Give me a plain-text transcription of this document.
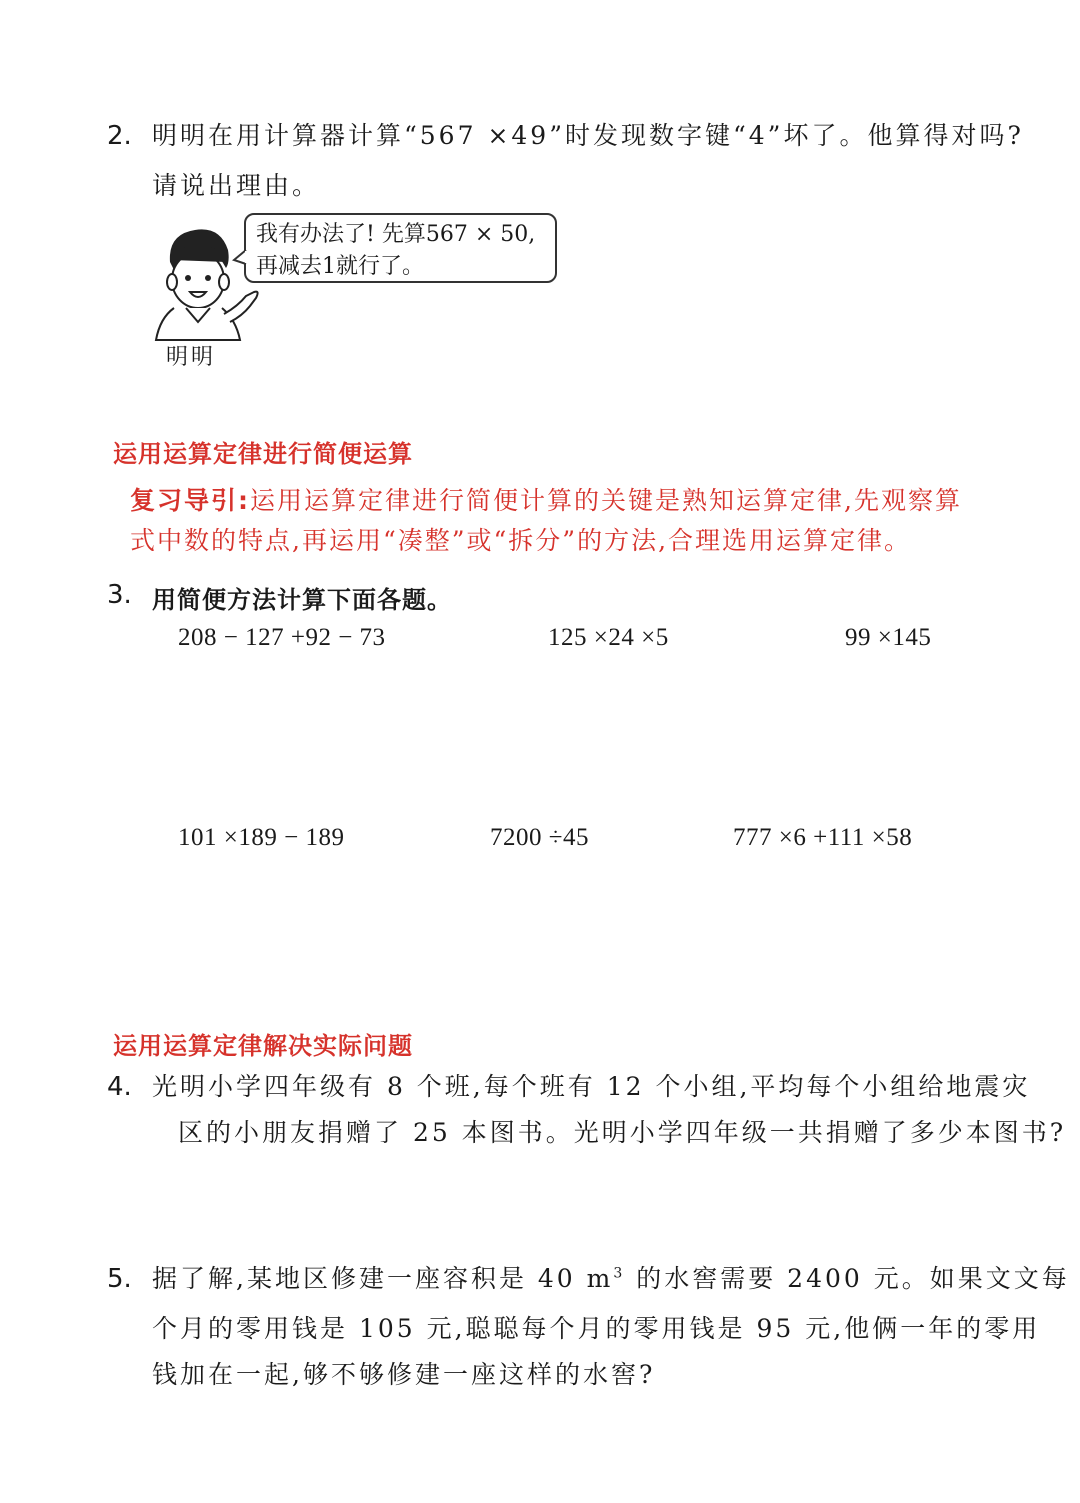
2. 明明在用计算器计算“567 ×49”时发现数字键“4”坏了。他算得对吗?
请说出理由。
明明
我有办法了! 先算567 × 50,
再减去1就行了。
运用运算定律进行简便运算
复习导引:运用运算定律进行简便计算的关键是熟知运算定律,先观察算
式中数的特点,再运用“凑整”或“拆分”的方法,合理选用运算定律。
3. 用简便方法计算下面各题。
208 − 127 +92 − 73	125 ×24 ×5	99 ×145
101 ×189 − 189	7200 ÷45	777 ×6 +111 ×58
运用运算定律解决实际问题
4. 光明小学四年级有 8 个班,每个班有 12 个小组,平均每个小组给地震灾
区的小朋友捐赠了 25 本图书。光明小学四年级一共捐赠了多少本图书?
5. 据了解,某地区修建一座容积是 40 $m^3$ 的水窖需要 2400 元。如果文文每
个月的零用钱是 105 元,聪聪每个月的零用钱是 95 元,他俩一年的零用
钱加在一起,够不够修建一座这样的水窖?
